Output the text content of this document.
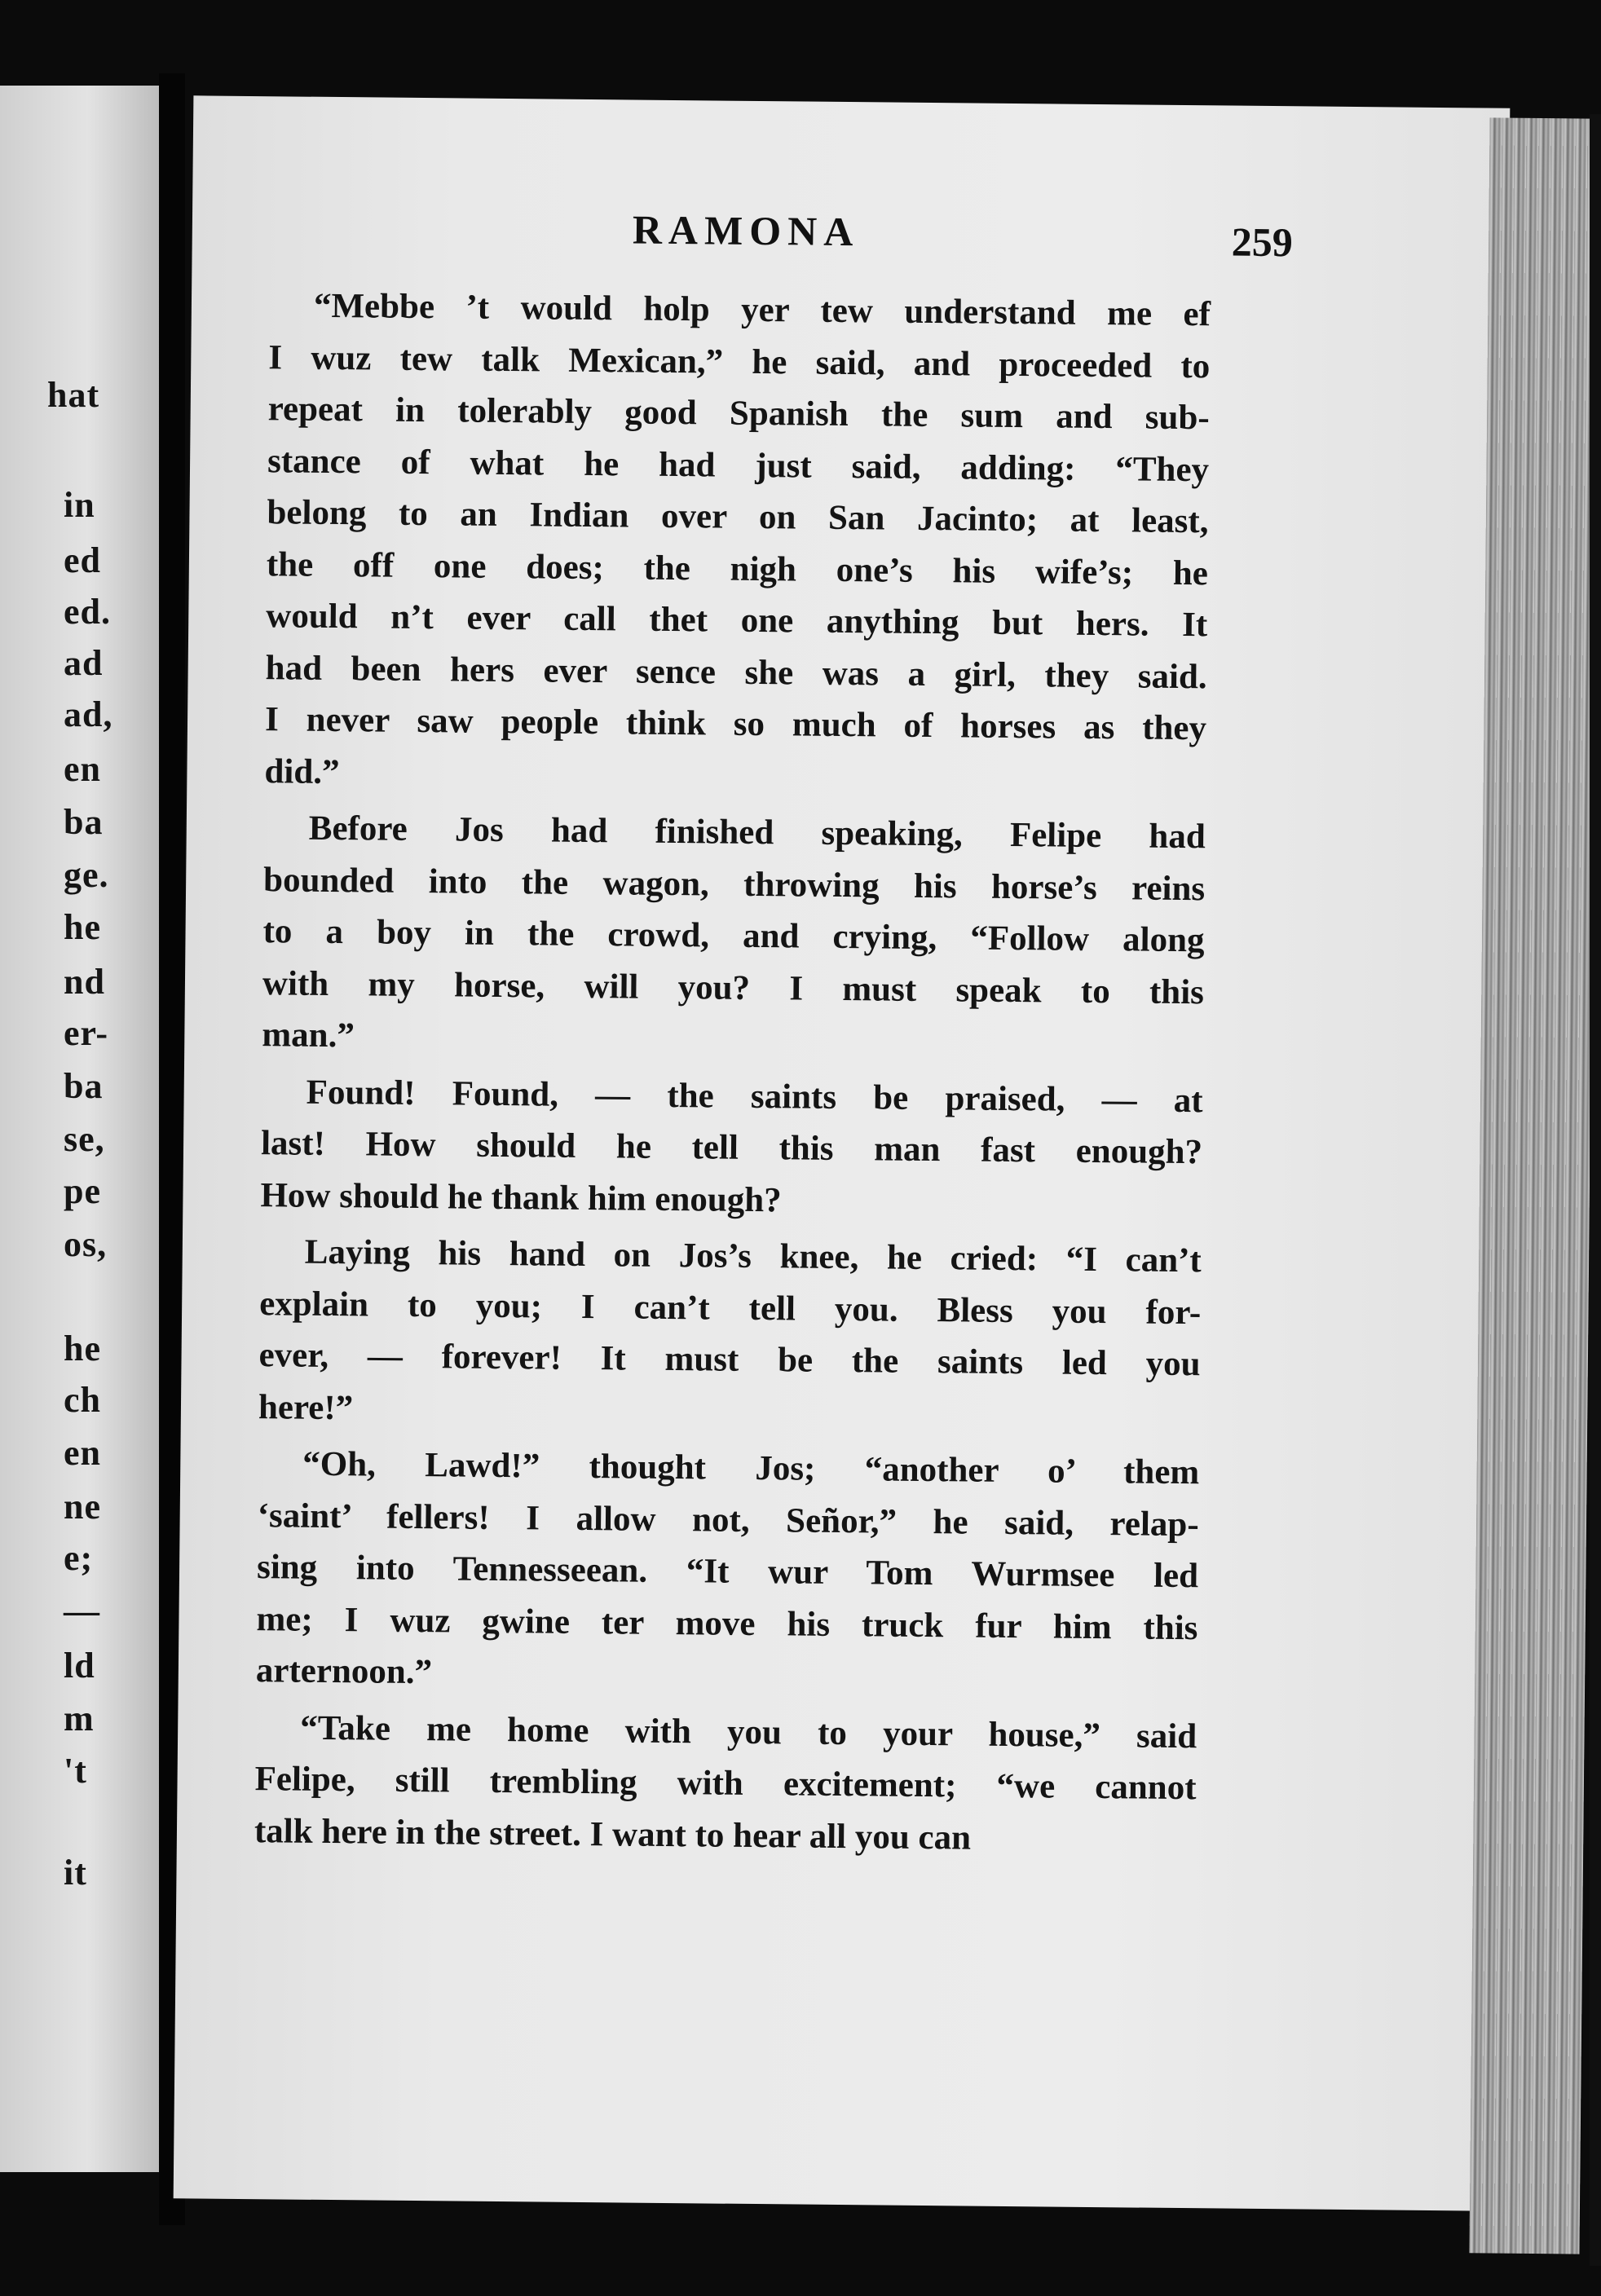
hat
in
ed
ed.
ad
ad,
en
ba
ge.
he
nd
er-
ba
se,
pe
os,
he
ch
en
ne
e;
—
ld
m
't
it
RAMONA	259
“Mebbe ’t would holp yer tew understand me ef
I wuz tew talk Mexican,” he said, and proceeded to
repeat in tolerably good Spanish the sum and sub-
stance of what he had just said, adding: “They
belong to an Indian over on San Jacinto; at least,
the off one does; the nigh one’s his wife’s; he
would n’t ever call thet one anything but hers. It
had been hers ever sence she was a girl, they said.
I never saw people think so much of horses as they
did.”
Before Jos had finished speaking, Felipe had
bounded into the wagon, throwing his horse’s reins
to a boy in the crowd, and crying, “Follow along
with my horse, will you? I must speak to this
man.”
Found! Found, — the saints be praised, — at
last! How should he tell this man fast enough?
How should he thank him enough?
Laying his hand on Jos’s knee, he cried: “I can’t
explain to you; I can’t tell you. Bless you for-
ever, — forever! It must be the saints led you
here!”
“Oh, Lawd!” thought Jos; “another o’ them
‘saint’ fellers! I allow not, Señor,” he said, relap-
sing into Tennesseean. “It wur Tom Wurmsee led
me; I wuz gwine ter move his truck fur him this
arternoon.”
“Take me home with you to your house,” said
Felipe, still trembling with excitement; “we cannot
talk here in the street. I want to hear all you can
